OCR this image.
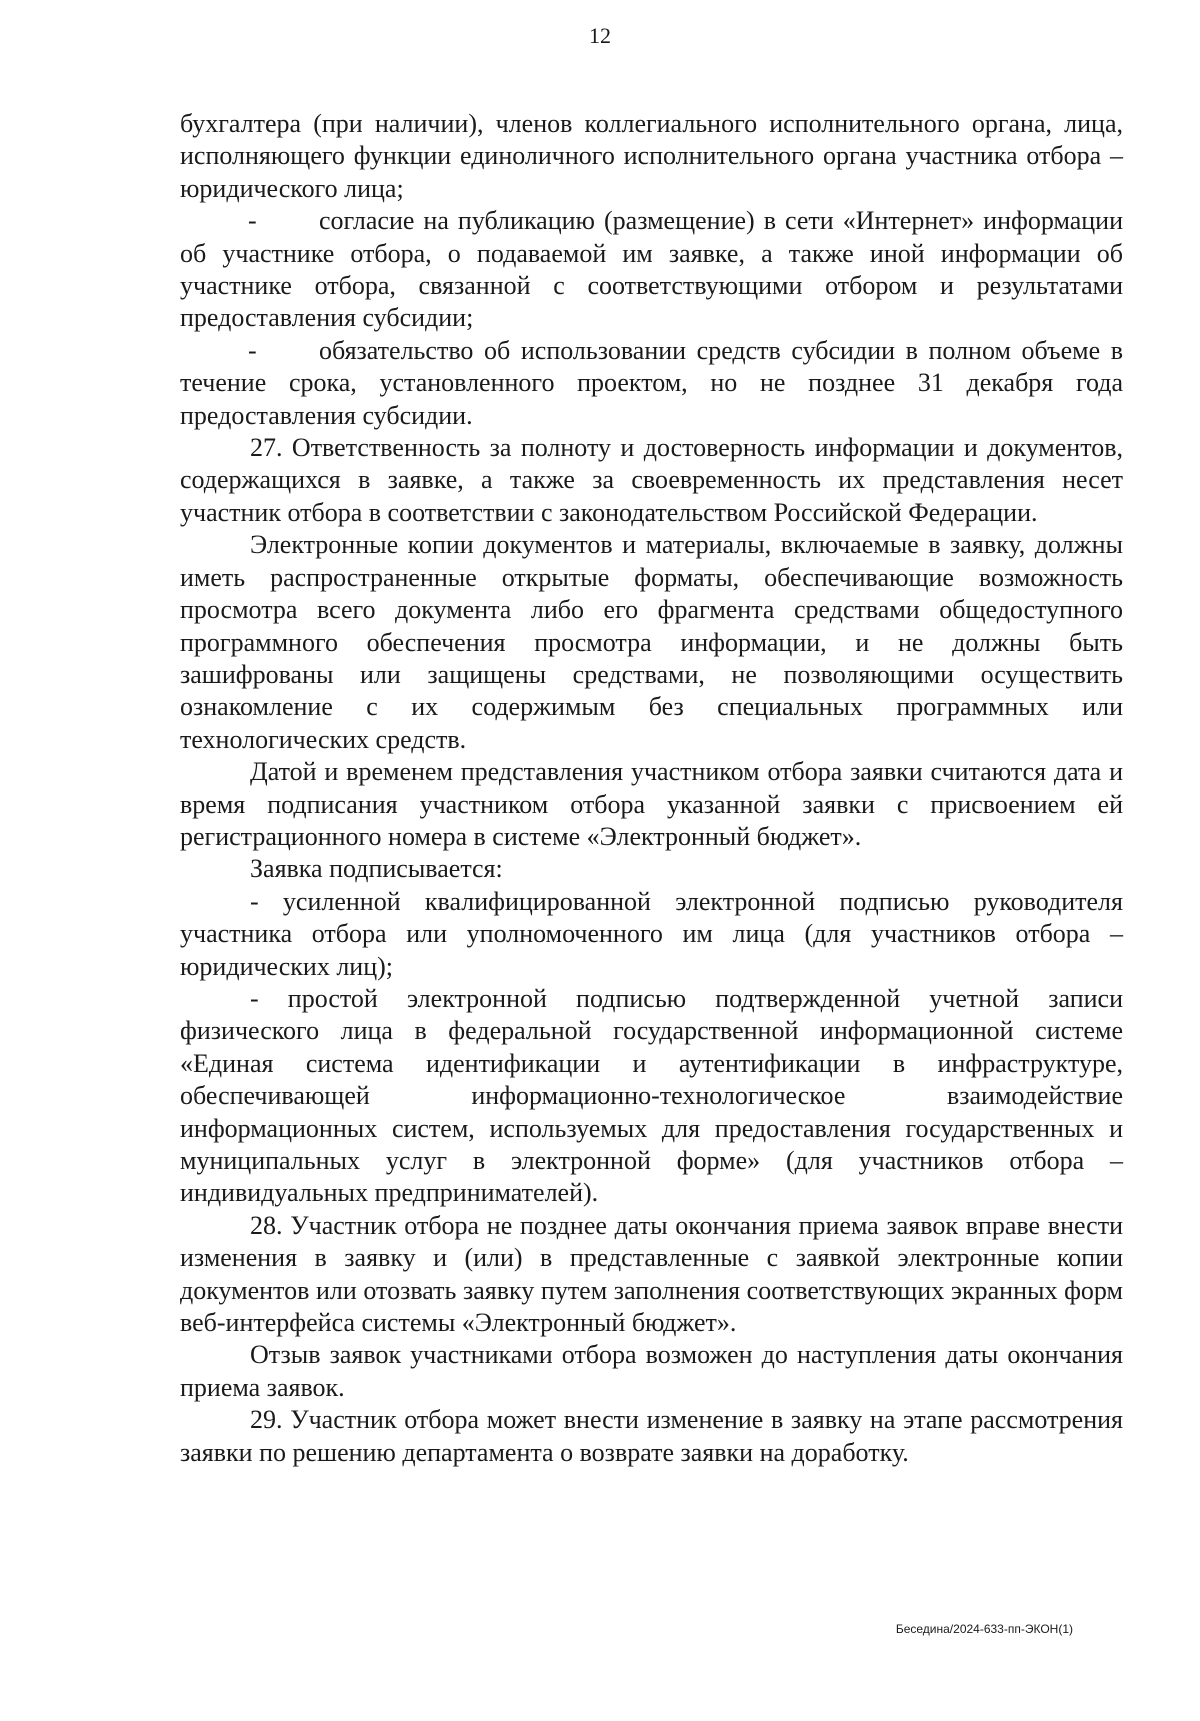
12

бухгалтера (при наличии), членов коллегиального исполнительного органа, лица, исполняющего функции единоличного исполнительного органа участника отбора – юридического лица;

- согласие на публикацию (размещение) в сети «Интернет» информации об участнике отбора, о подаваемой им заявке, а также иной информации об участнике отбора, связанной с соответствующими отбором и результатами предоставления субсидии;

- обязательство об использовании средств субсидии в полном объеме в течение срока, установленного проектом, но не позднее 31 декабря года предоставления субсидии.

27. Ответственность за полноту и достоверность информации и документов, содержащихся в заявке, а также за своевременность их представления несет участник отбора в соответствии с законодательством Российской Федерации.

Электронные копии документов и материалы, включаемые в заявку, должны иметь распространенные открытые форматы, обеспечивающие возможность просмотра всего документа либо его фрагмента средствами общедоступного программного обеспечения просмотра информации, и не должны быть зашифрованы или защищены средствами, не позволяющими осуществить ознакомление с их содержимым без специальных программных или технологических средств.

Датой и временем представления участником отбора заявки считаются дата и время подписания участником отбора указанной заявки с присвоением ей регистрационного номера в системе «Электронный бюджет».

Заявка подписывается:

- усиленной квалифицированной электронной подписью руководителя участника отбора или уполномоченного им лица (для участников отбора – юридических лиц);

- простой электронной подписью подтвержденной учетной записи физического лица в федеральной государственной информационной системе «Единая система идентификации и аутентификации в инфраструктуре, обеспечивающей информационно-технологическое взаимодействие информационных систем, используемых для предоставления государственных и муниципальных услуг в электронной форме» (для участников отбора – индивидуальных предпринимателей).

28. Участник отбора не позднее даты окончания приема заявок вправе внести изменения в заявку и (или) в представленные с заявкой электронные копии документов или отозвать заявку путем заполнения соответствующих экранных форм веб-интерфейса системы «Электронный бюджет».

Отзыв заявок участниками отбора возможен до наступления даты окончания приема заявок.

29. Участник отбора может внести изменение в заявку на этапе рассмотрения заявки по решению департамента о возврате заявки на доработку.

Беседина/2024-633-пп-ЭКОН(1)
